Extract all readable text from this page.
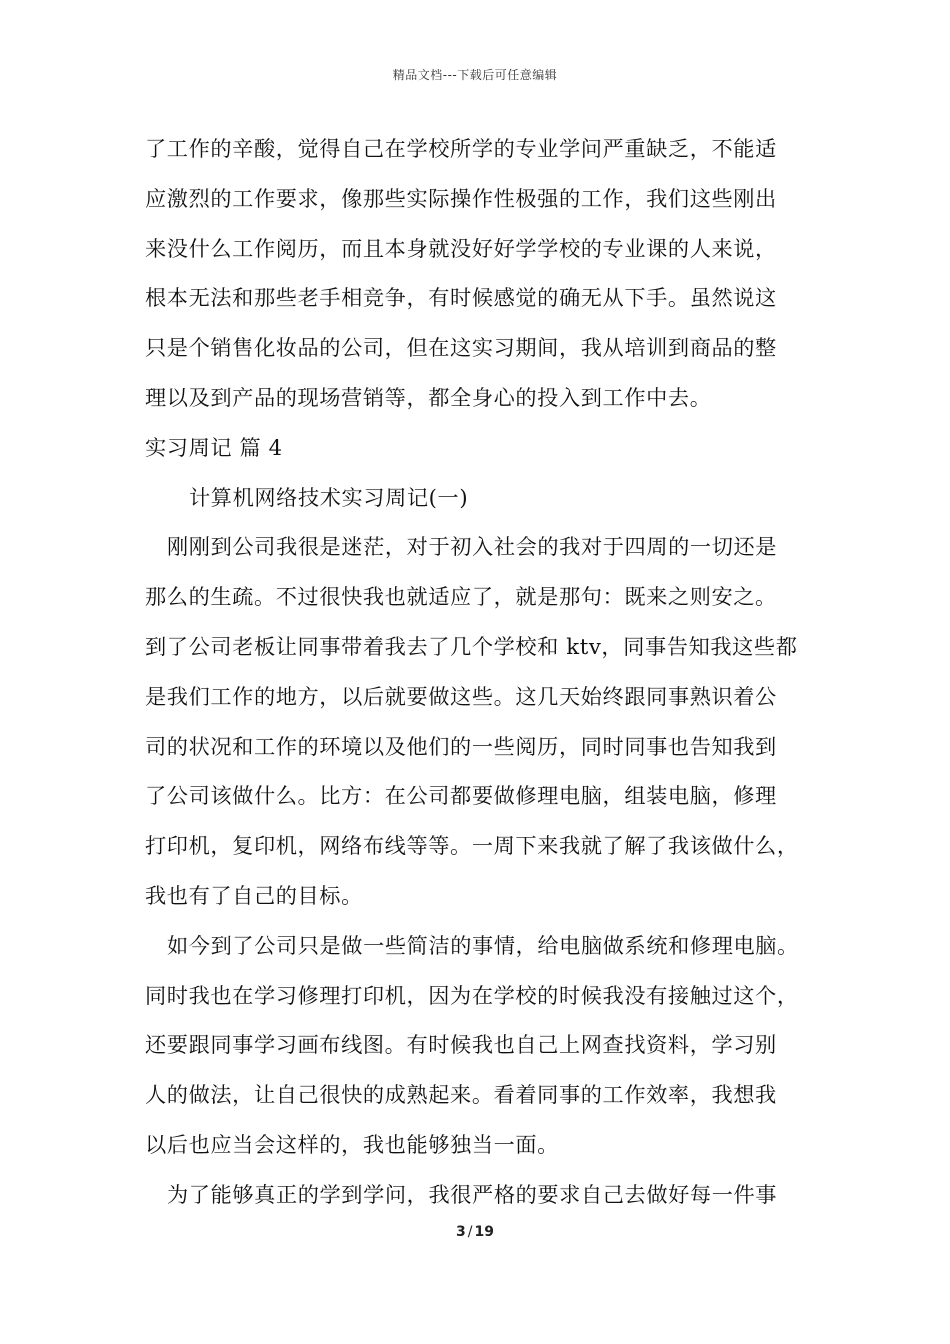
精品文档---下载后可任意编辑
了工作的辛酸，觉得自己在学校所学的专业学问严重缺乏，不能适
应激烈的工作要求，像那些实际操作性极强的工作，我们这些刚出
来没什么工作阅历，而且本身就没好好学学校的专业课的人来说，
根本无法和那些老手相竞争，有时候感觉的确无从下手。虽然说这
只是个销售化妆品的公司，但在这实习期间，我从培训到商品的整
理以及到产品的现场营销等，都全身心的投入到工作中去。
实习周记 篇 4
计算机网络技术实习周记(一)
刚刚到公司我很是迷茫，对于初入社会的我对于四周的一切还是
那么的生疏。不过很快我也就适应了，就是那句：既来之则安之。
到了公司老板让同事带着我去了几个学校和 ktv，同事告知我这些都
是我们工作的地方，以后就要做这些。这几天始终跟同事熟识着公
司的状况和工作的环境以及他们的一些阅历，同时同事也告知我到
了公司该做什么。比方：在公司都要做修理电脑，组装电脑，修理
打印机，复印机，网络布线等等。一周下来我就了解了我该做什么，
我也有了自己的目标。
如今到了公司只是做一些简洁的事情，给电脑做系统和修理电脑。
同时我也在学习修理打印机，因为在学校的时候我没有接触过这个，
还要跟同事学习画布线图。有时候我也自己上网查找资料，学习别
人的做法，让自己很快的成熟起来。看着同事的工作效率，我想我
以后也应当会这样的，我也能够独当一面。
为了能够真正的学到学问，我很严格的要求自己去做好每一件事
3 / 19
